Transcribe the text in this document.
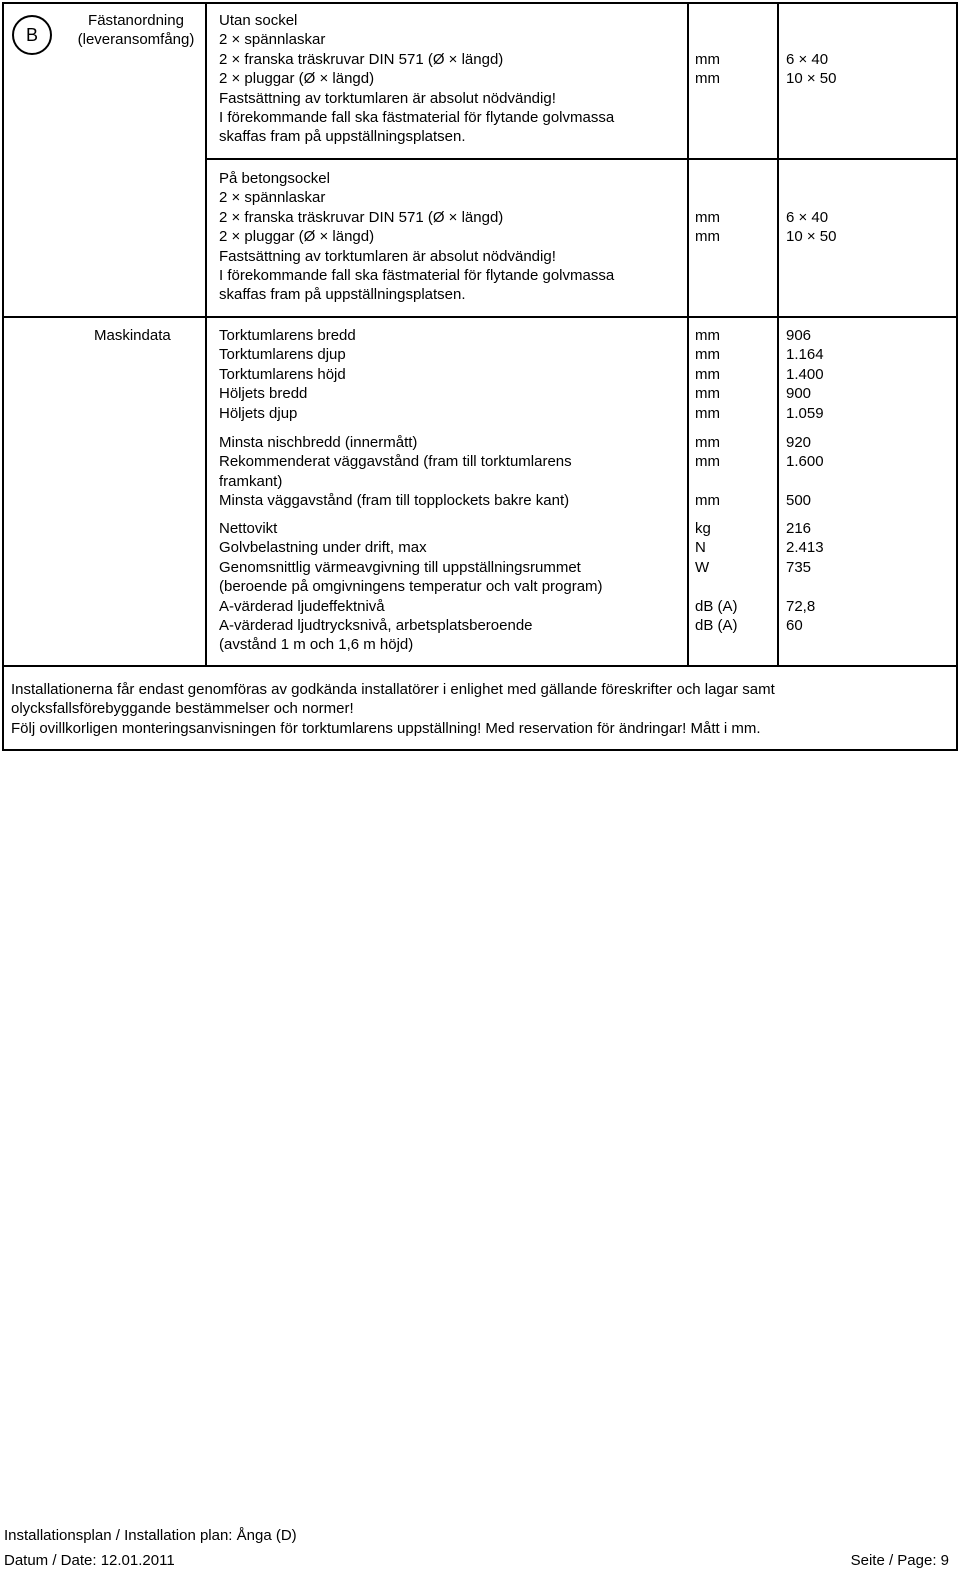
B
Fästanordning
(leveransomfång)
Utan sockel
2 × spännlaskar
2 × franska träskruvar DIN 571 (Ø × längd)
2 × pluggar (Ø × längd)
Fastsättning av torktumlaren är absolut nödvändig!
I förekommande fall ska fästmaterial för flytande golvmassa
skaffas fram på uppställningsplatsen.
mm
mm
6 × 40
10 × 50
På betongsockel
2 × spännlaskar
2 × franska träskruvar DIN 571 (Ø × längd)
2 × pluggar (Ø × längd)
Fastsättning av torktumlaren är absolut nödvändig!
I förekommande fall ska fästmaterial för flytande golvmassa
skaffas fram på uppställningsplatsen.
mm
mm
6 × 40
10 × 50
Maskindata	Torktumlarens bredd
Torktumlarens djup
Torktumlarens höjd
Höljets bredd
Höljets djup
mm
mm
mm
mm
mm
906
1.164
1.400
900
1.059
Minsta nischbredd (innermått)
Rekommenderat väggavstånd (fram till torktumlarens
framkant)
Minsta väggavstånd (fram till topplockets bakre kant)
mm
mm

mm
920
1.600

500
Nettovikt
Golvbelastning under drift, max
Genomsnittlig värmeavgivning till uppställningsrummet
(beroende på omgivningens temperatur och valt program)
A-värderad ljudeffektnivå
A-värderad ljudtrycksnivå, arbetsplatsberoende
(avstånd 1 m och 1,6 m höjd)
kg
N
W

dB (A)
dB (A)
216
2.413
735

72,8
60
Installationerna får endast genomföras av godkända installatörer i enlighet med gällande föreskrifter och lagar samt
olycksfallsförebyggande bestämmelser och normer!
Följ ovillkorligen monteringsanvisningen för torktumlarens uppställning! Med reservation för ändringar! Mått i mm.
Installationsplan / Installation plan: Ånga (D)
Datum / Date: 12.01.2011	Seite / Page: 9
